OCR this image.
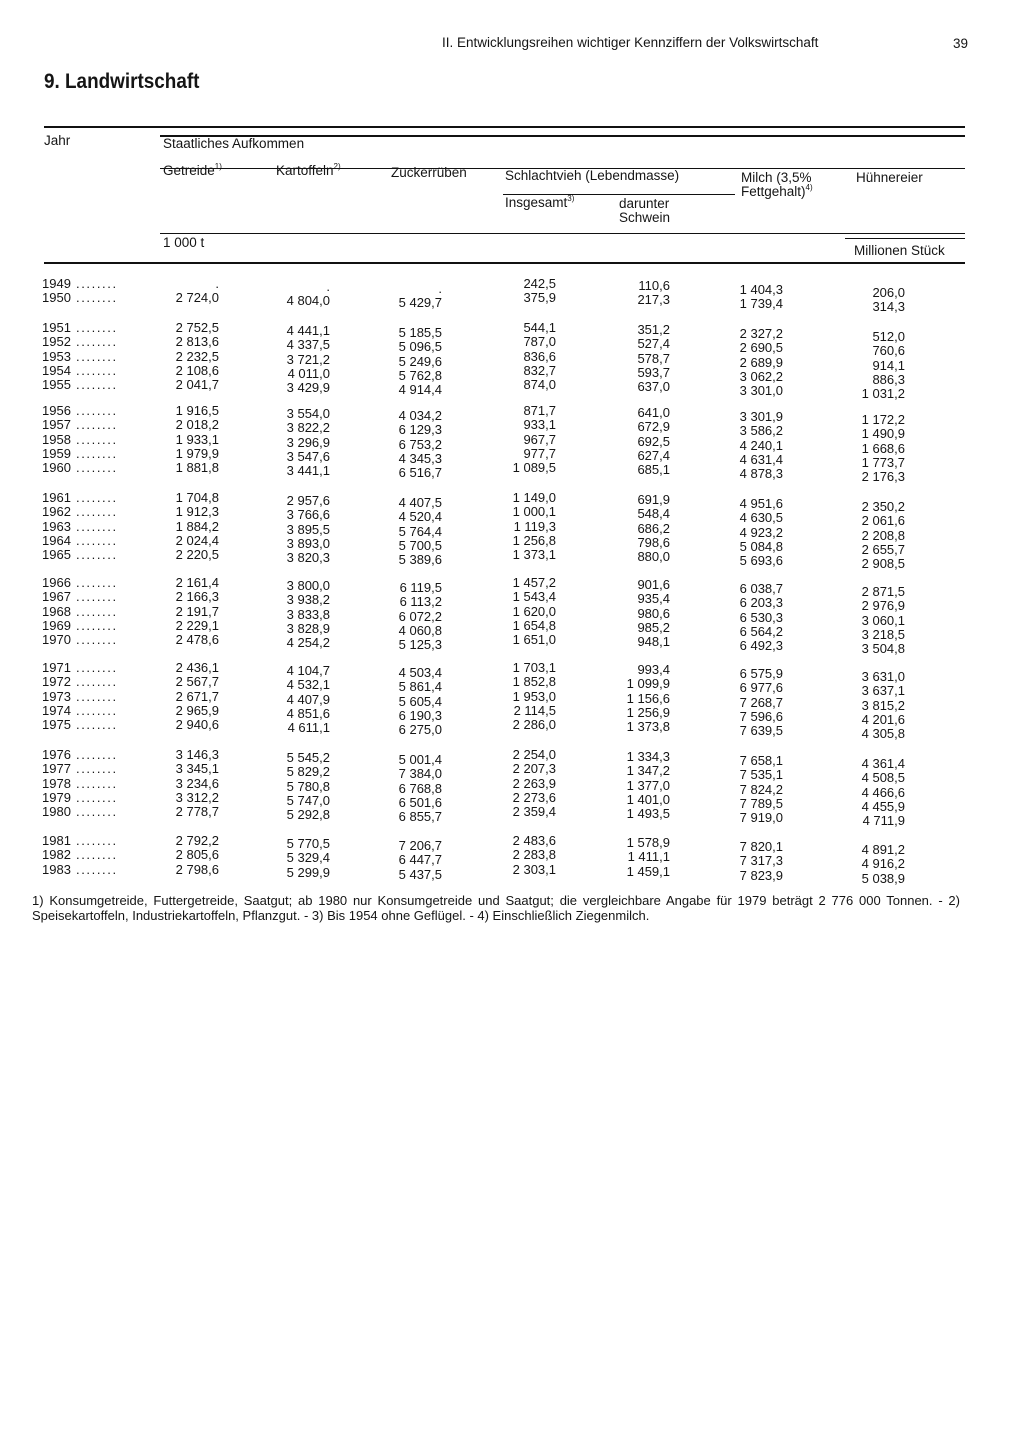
II. Entwicklungsreihen wichtiger Kennziffern der Volkswirtschaft	39
9. Landwirtschaft
Jahr	Staatliches Aufkommen
Getreide$^{1)}$	Kartoffeln$^{2)}$	Zuckerrüben	Schlachtvieh (Lebendmasse)
Insgesamt$^{3)}$	darunter
Schwein
Milch (3,5%
Fettgehalt)$^{4)}$
Hühnereier
1 000 t
Millionen Stück
1949 ........	.	.	.	242,5	110,6	1 404,3	206,0
1950 ........	2 724,0	4 804,0	5 429,7	375,9	217,3	1 739,4	314,3
1951 ........	2 752,5	4 441,1	5 185,5	544,1	351,2	2 327,2	512,0
1952 ........	2 813,6	4 337,5	5 096,5	787,0	527,4	2 690,5	760,6
1953 ........	2 232,5	3 721,2	5 249,6	836,6	578,7	2 689,9	914,1
1954 ........	2 108,6	4 011,0	5 762,8	832,7	593,7	3 062,2	886,3
1955 ........	2 041,7	3 429,9	4 914,4	874,0	637,0	3 301,0	1 031,2
1956 ........	1 916,5	3 554,0	4 034,2	871,7	641,0	3 301,9	1 172,2
1957 ........	2 018,2	3 822,2	6 129,3	933,1	672,9	3 586,2	1 490,9
1958 ........	1 933,1	3 296,9	6 753,2	967,7	692,5	4 240,1	1 668,6
1959 ........	1 979,9	3 547,6	4 345,3	977,7	627,4	4 631,4	1 773,7
1960 ........	1 881,8	3 441,1	6 516,7	1 089,5	685,1	4 878,3	2 176,3
1961 ........	1 704,8	2 957,6	4 407,5	1 149,0	691,9	4 951,6	2 350,2
1962 ........	1 912,3	3 766,6	4 520,4	1 000,1	548,4	4 630,5	2 061,6
1963 ........	1 884,2	3 895,5	5 764,4	1 119,3	686,2	4 923,2	2 208,8
1964 ........	2 024,4	3 893,0	5 700,5	1 256,8	798,6	5 084,8	2 655,7
1965 ........	2 220,5	3 820,3	5 389,6	1 373,1	880,0	5 693,6	2 908,5
1966 ........	2 161,4	3 800,0	6 119,5	1 457,2	901,6	6 038,7	2 871,5
1967 ........	2 166,3	3 938,2	6 113,2	1 543,4	935,4	6 203,3	2 976,9
1968 ........	2 191,7	3 833,8	6 072,2	1 620,0	980,6	6 530,3	3 060,1
1969 ........	2 229,1	3 828,9	4 060,8	1 654,8	985,2	6 564,2	3 218,5
1970 ........	2 478,6	4 254,2	5 125,3	1 651,0	948,1	6 492,3	3 504,8
1971 ........	2 436,1	4 104,7	4 503,4	1 703,1	993,4	6 575,9	3 631,0
1972 ........	2 567,7	4 532,1	5 861,4	1 852,8	1 099,9	6 977,6	3 637,1
1973 ........	2 671,7	4 407,9	5 605,4	1 953,0	1 156,6	7 268,7	3 815,2
1974 ........	2 965,9	4 851,6	6 190,3	2 114,5	1 256,9	7 596,6	4 201,6
1975 ........	2 940,6	4 611,1	6 275,0	2 286,0	1 373,8	7 639,5	4 305,8
1976 ........	3 146,3	5 545,2	5 001,4	2 254,0	1 334,3	7 658,1	4 361,4
1977 ........	3 345,1	5 829,2	7 384,0	2 207,3	1 347,2	7 535,1	4 508,5
1978 ........	3 234,6	5 780,8	6 768,8	2 263,9	1 377,0	7 824,2	4 466,6
1979 ........	3 312,2	5 747,0	6 501,6	2 273,6	1 401,0	7 789,5	4 455,9
1980 ........	2 778,7	5 292,8	6 855,7	2 359,4	1 493,5	7 919,0	4 711,9
1981 ........	2 792,2	5 770,5	7 206,7	2 483,6	1 578,9	7 820,1	4 891,2
1982 ........	2 805,6	5 329,4	6 447,7	2 283,8	1 411,1	7 317,3	4 916,2
1983 ........	2 798,6	5 299,9	5 437,5	2 303,1	1 459,1	7 823,9	5 038,9
1) Konsumgetreide, Futtergetreide, Saatgut; ab 1980 nur Konsumgetreide und Saatgut; die vergleichbare Angabe für 1979 beträgt 2 776 000 Tonnen. - 2) Speisekartoffeln, Industriekartoffeln, Pflanzgut. - 3) Bis 1954 ohne Geflügel. - 4) Einschließlich Ziegenmilch.
